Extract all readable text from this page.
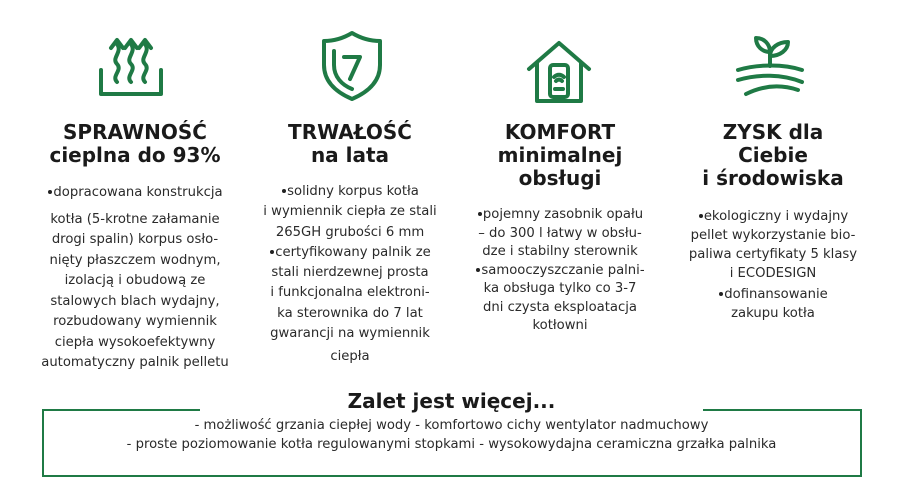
SPRAWNOŚĆ
cieplna do 93%
dopracowana konstrukcja
kotła (5-krotne załamanie
drogi spalin) korpus osło-
nięty płaszczem wodnym,
izolacją i obudową ze
stalowych blach wydajny,
rozbudowany wymiennik
ciepła wysokoefektywny
automatyczny palnik pelletu
TRWAŁOŚĆ
na lata
solidny korpus kotła
i wymiennik ciepła ze stali
265GH grubości 6 mm
certyfikowany palnik ze
stali nierdzewnej prosta
i funkcjonalna elektroni-
ka sterownika do 7 lat
gwarancji na wymiennik
ciepła
KOMFORT
minimalnej
obsługi
pojemny zasobnik opału
– do 300 l łatwy w obsłu-
dze i stabilny sterownik
samooczyszczanie palni-
ka obsługa tylko co 3-7
dni czysta eksploatacja
kotłowni
ZYSK dla
Ciebie
i środowiska
ekologiczny i wydajny
pellet wykorzystanie bio-
paliwa certyfikaty 5 klasy
i ECODESIGN
dofinansowanie
zakupu kotła
Zalet jest więcej...
- możliwość grzania ciepłej wody - komfortowo cichy wentylator nadmuchowy
- proste poziomowanie kotła regulowanymi stopkami - wysokowydajna ceramiczna grzałka palnika
